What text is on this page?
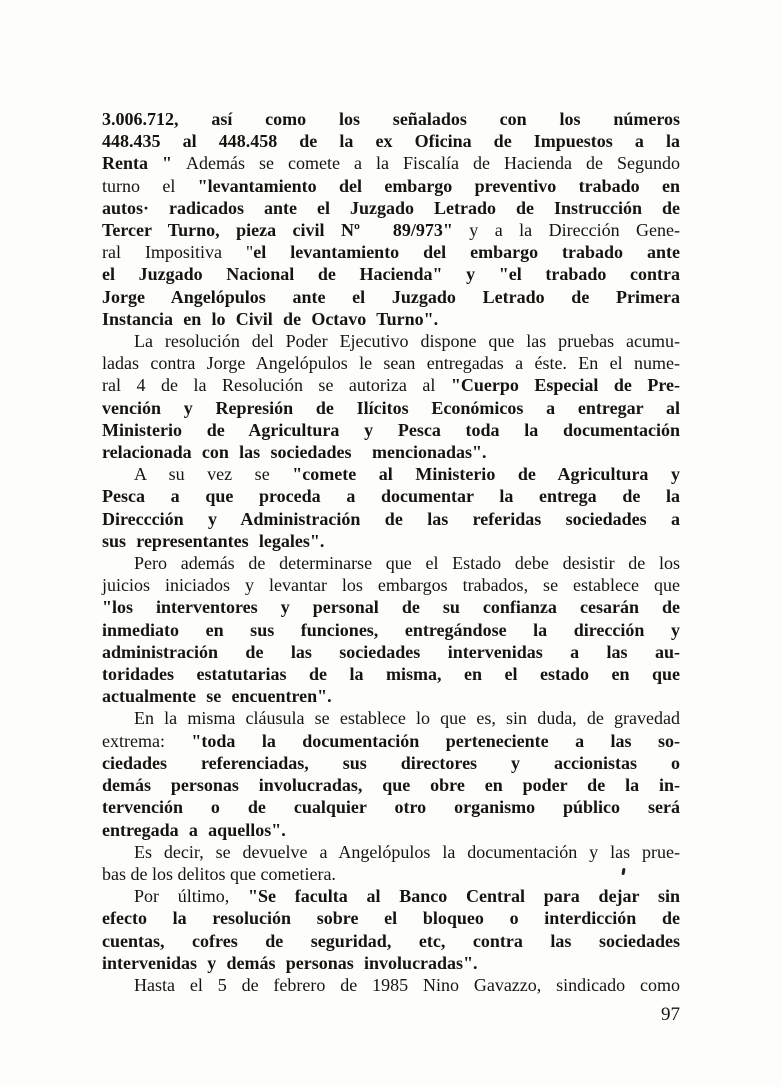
3.006.712, así como los señalados con los números
448.435 al 448.458 de la ex Oficina de Impuestos a la
Renta " Además se comete a la Fiscalía de Hacienda de Segundo
turno el "levantamiento del embargo preventivo trabado en
autos· radicados ante el Juzgado Letrado de Instrucción de
Tercer Turno, pieza civil Nº  89/973" y a la Dirección Gene-
ral Impositiva "el levantamiento del embargo trabado ante
el Juzgado Nacional de Hacienda" y "el trabado contra
Jorge Angelópulos ante el Juzgado Letrado de Primera
Instancia en lo Civil de Octavo Turno".
La resolución del Poder Ejecutivo dispone que las pruebas acumu-
ladas contra Jorge Angelópulos le sean entregadas a éste. En el nume-
ral 4 de la Resolución se autoriza al "Cuerpo Especial de Pre-
vención y Represión de Ilícitos Económicos a entregar al
Ministerio de Agricultura y Pesca toda la documentación
relacionada con las sociedades  mencionadas".
A su vez se "comete al Ministerio de Agricultura y
Pesca a que proceda a documentar la entrega de la
Direccción y Administración de las referidas sociedades a
sus representantes legales".
Pero además de determinarse que el Estado debe desistir de los
juicios iniciados y levantar los embargos trabados, se establece que
"los interventores y personal de su confianza cesarán de
inmediato en sus funciones, entregándose la dirección y
administración de las sociedades intervenidas a las au-
toridades estatutarias de la misma, en el estado en que
actualmente se encuentren".
En la misma cláusula se establece lo que es, sin duda, de gravedad
extrema: "toda la documentación perteneciente a las so-
ciedades referenciadas, sus directores y accionistas o
demás personas involucradas, que obre en poder de la in-
tervención o de cualquier otro organismo público será
entregada a aquellos".
Es decir, se devuelve a Angelópulos la documentación y las prue-
bas de los delitos que cometiera.
Por último, "Se faculta al Banco Central para dejar sin
efecto la resolución sobre el bloqueo o interdicción de
cuentas, cofres de seguridad, etc, contra las sociedades
intervenidas y demás personas involucradas".
Hasta el 5 de febrero de 1985 Nino Gavazzo, sindicado como
97
